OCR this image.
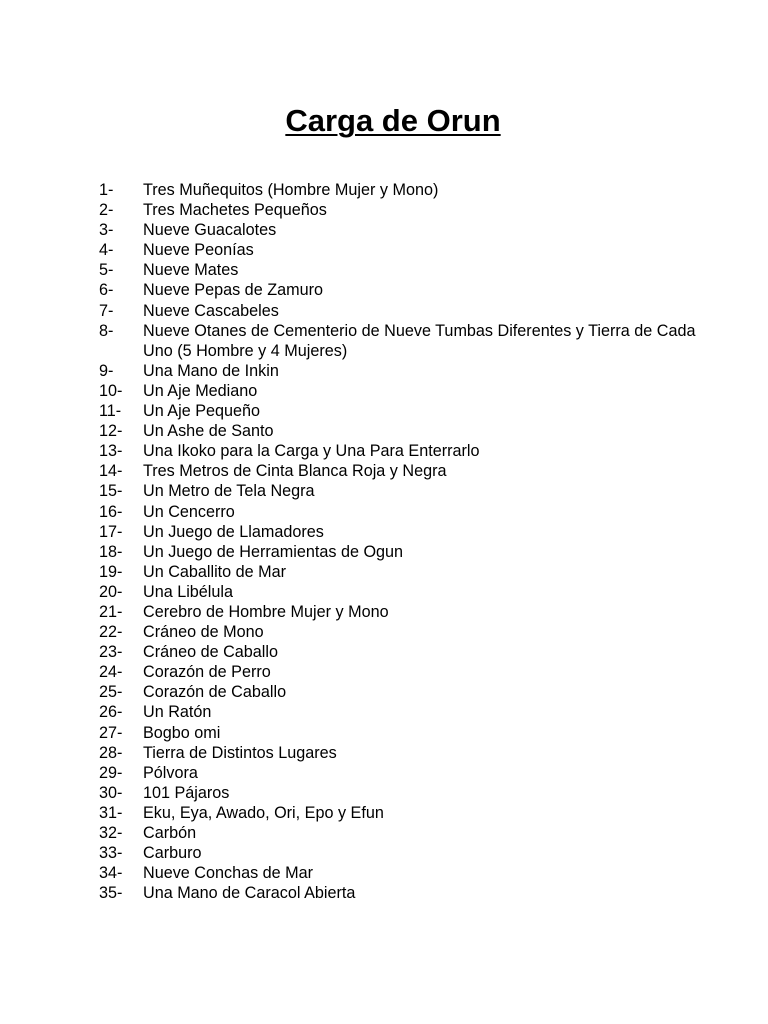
Carga de Orun
1-	Tres Muñequitos (Hombre Mujer y Mono)
2-	Tres Machetes Pequeños
3-	Nueve Guacalotes
4-	Nueve Peonías
5-	Nueve Mates
6-	Nueve Pepas de Zamuro
7-	Nueve Cascabeles
8-	Nueve Otanes de Cementerio de Nueve Tumbas Diferentes y Tierra de Cada Uno (5 Hombre y 4 Mujeres)
9-	Una Mano de Inkin
10-	Un Aje Mediano
11-	Un Aje Pequeño
12-	Un Ashe de Santo
13-	Una Ikoko para la Carga y Una Para Enterrarlo
14-	Tres Metros de Cinta Blanca Roja y Negra
15-	Un Metro de Tela Negra
16-	Un Cencerro
17-	Un Juego de Llamadores
18-	Un Juego de Herramientas de Ogun
19-	Un Caballito de Mar
20-	Una Libélula
21-	Cerebro de Hombre Mujer y Mono
22-	Cráneo de Mono
23-	Cráneo de Caballo
24-	Corazón de Perro
25-	Corazón de Caballo
26-	Un Ratón
27-	Bogbo omi
28-	Tierra de Distintos Lugares
29-	Pólvora
30-	101 Pájaros
31-	Eku, Eya, Awado, Ori, Epo y Efun
32-	Carbón
33-	Carburo
34-	Nueve Conchas de Mar
35-	Una Mano de Caracol Abierta
